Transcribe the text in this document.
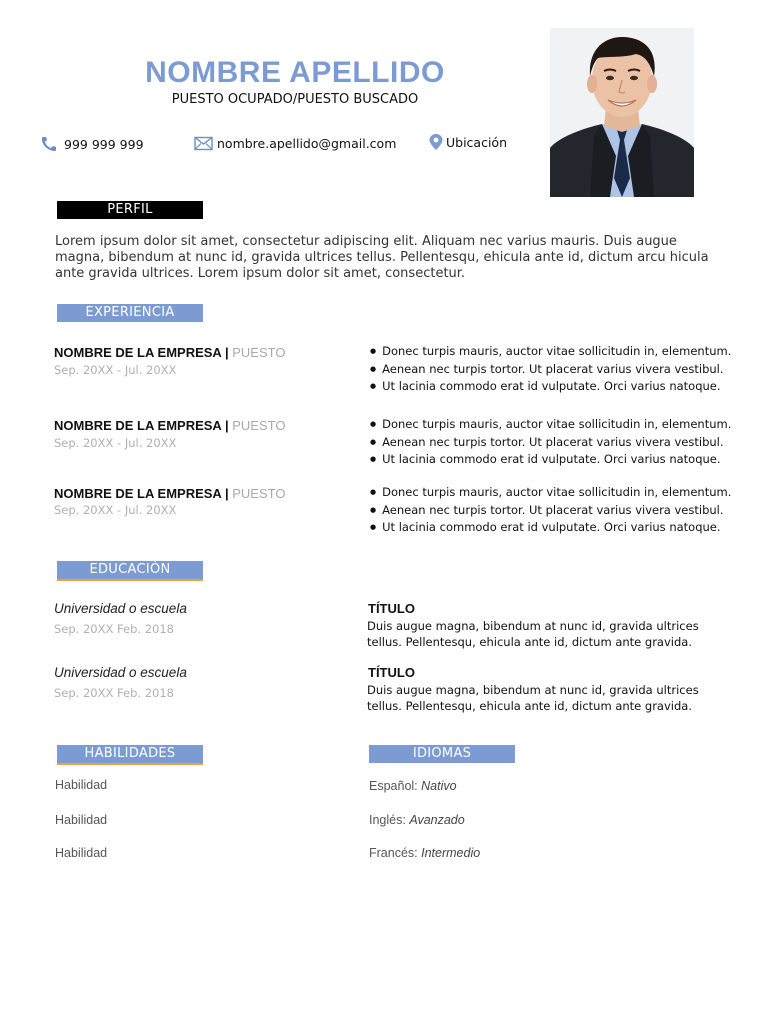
NOMBRE APELLIDO
PUESTO OCUPADO/PUESTO BUSCADO
999 999 999	nombre.apellido@gmail.com	Ubicación
PERFIL
Lorem ipsum dolor sit amet, consectetur adipiscing elit. Aliquam nec varius mauris. Duis augue magna, bibendum at nunc id, gravida ultrices tellus. Pellentesqu, ehicula ante id, dictum arcu hicula ante gravida ultrices. Lorem ipsum dolor sit amet, consectetur.
EXPERIENCIA
NOMBRE DE LA EMPRESA | PUESTO
Sep. 20XX - Jul. 20XX
● Donec turpis mauris, auctor vitae sollicitudin in, elementum.
● Aenean nec turpis tortor. Ut placerat varius vivera vestibul.
● Ut lacinia commodo erat id vulputate. Orci varius natoque.
NOMBRE DE LA EMPRESA | PUESTO
Sep. 20XX - Jul. 20XX
● Donec turpis mauris, auctor vitae sollicitudin in, elementum.
● Aenean nec turpis tortor. Ut placerat varius vivera vestibul.
● Ut lacinia commodo erat id vulputate. Orci varius natoque.
NOMBRE DE LA EMPRESA | PUESTO
Sep. 20XX - Jul. 20XX
● Donec turpis mauris, auctor vitae sollicitudin in, elementum.
● Aenean nec turpis tortor. Ut placerat varius vivera vestibul.
● Ut lacinia commodo erat id vulputate. Orci varius natoque.
EDUCACIÓN
Universidad o escuela
Sep. 20XX Feb. 2018
TÍTULO
Duis augue magna, bibendum at nunc id, gravida ultrices tellus. Pellentesqu, ehicula ante id, dictum ante gravida.
Universidad o escuela
Sep. 20XX Feb. 2018
TÍTULO
Duis augue magna, bibendum at nunc id, gravida ultrices tellus. Pellentesqu, ehicula ante id, dictum ante gravida.
HABILIDADES
Habilidad
Habilidad
Habilidad
IDIOMAS
Español: Nativo
Inglés: Avanzado
Francés: Intermedio
